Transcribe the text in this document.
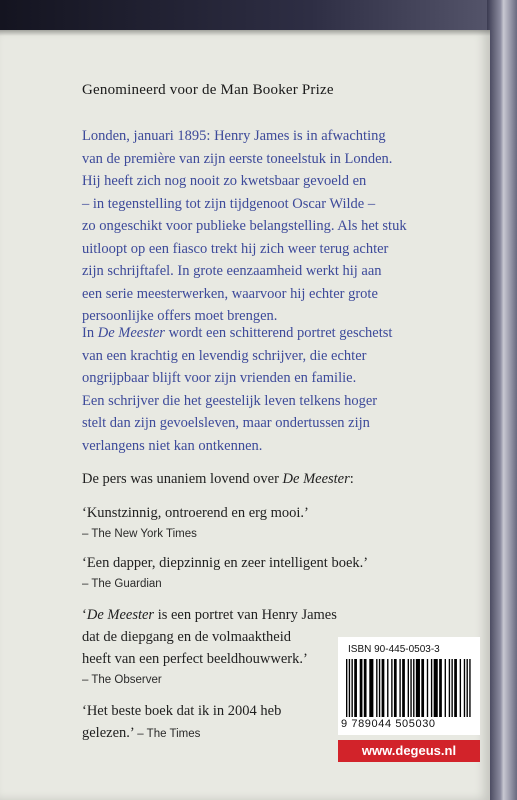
Genomineerd voor de Man Booker Prize

Londen, januari 1895: Henry James is in afwachting
van de première van zijn eerste toneelstuk in Londen.
Hij heeft zich nog nooit zo kwetsbaar gevoeld en
– in tegenstelling tot zijn tijdgenoot Oscar Wilde –
zo ongeschikt voor publieke belangstelling. Als het stuk
uitloopt op een fiasco trekt hij zich weer terug achter
zijn schrijftafel. In grote eenzaamheid werkt hij aan
een serie meesterwerken, waarvoor hij echter grote
persoonlijke offers moet brengen.

In De Meester wordt een schitterend portret geschetst
van een krachtig en levendig schrijver, die echter
ongrijpbaar blijft voor zijn vrienden en familie.
Een schrijver die het geestelijk leven telkens hoger
stelt dan zijn gevoelsleven, maar ondertussen zijn
verlangens niet kan ontkennen.

De pers was unaniem lovend over De Meester:

‘Kunstzinnig, ontroerend en erg mooi.’
– The New York Times

‘Een dapper, diepzinnig en zeer intelligent boek.’
– The Guardian

‘De Meester is een portret van Henry James
dat de diepgang en de volmaaktheid
heeft van een perfect beeldhouwwerk.’
– The Observer

‘Het beste boek dat ik in 2004 heb
gelezen.’ – The Times

ISBN 90-445-0503-3
9 789044 505030
www.degeus.nl
